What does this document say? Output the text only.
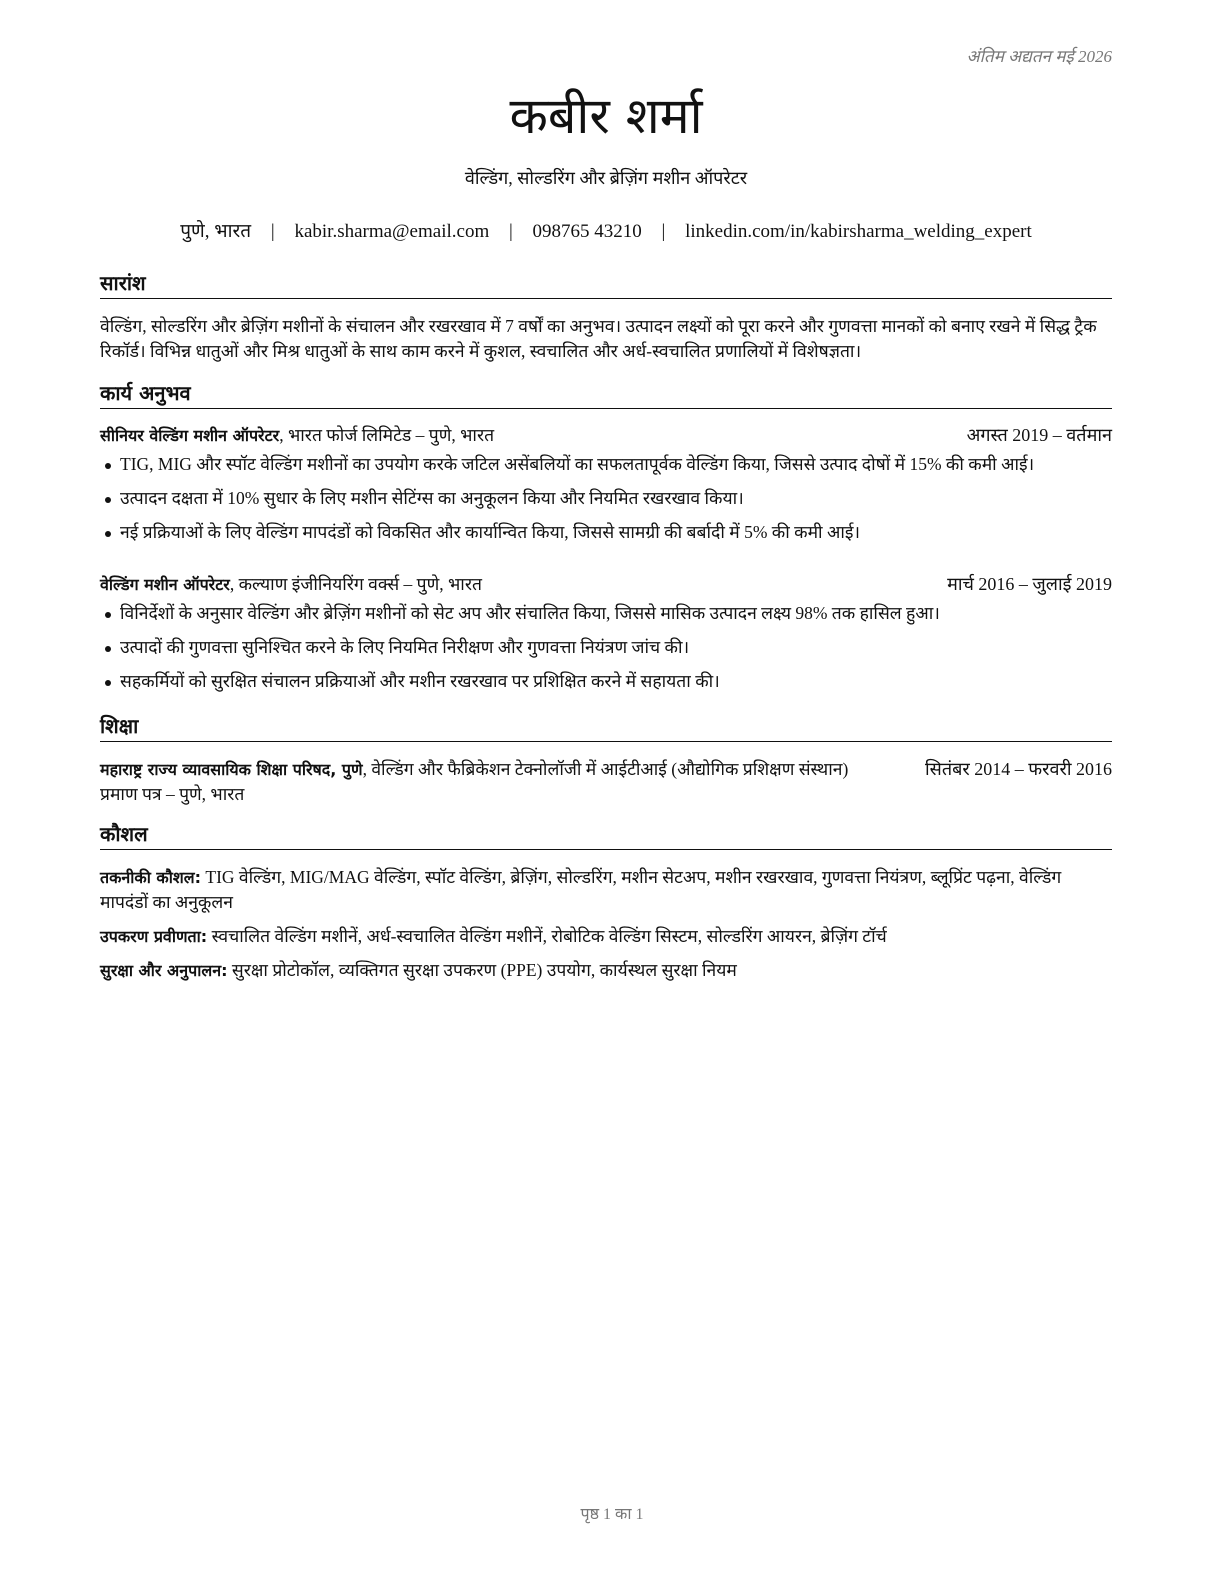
अंतिम अद्यतन मई 2026
कबीर शर्मा
वेल्डिंग, सोल्डरिंग और ब्रेज़िंग मशीन ऑपरेटर
पुणे, भारत | kabir.sharma@email.com | 098765 43210 | linkedin.com/in/kabirsharma_welding_expert
सारांश
वेल्डिंग, सोल्डरिंग और ब्रेज़िंग मशीनों के संचालन और रखरखाव में 7 वर्षों का अनुभव। उत्पादन लक्ष्यों को पूरा करने और गुणवत्ता मानकों को बनाए रखने में सिद्ध ट्रैक रिकॉर्ड। विभिन्न धातुओं और मिश्र धातुओं के साथ काम करने में कुशल, स्वचालित और अर्ध-स्वचालित प्रणालियों में विशेषज्ञता।
कार्य अनुभव
सीनियर वेल्डिंग मशीन ऑपरेटर, भारत फोर्ज लिमिटेड – पुणे, भारत	अगस्त 2019 – वर्तमान
TIG, MIG और स्पॉट वेल्डिंग मशीनों का उपयोग करके जटिल असेंबलियों का सफलतापूर्वक वेल्डिंग किया, जिससे उत्पाद दोषों में 15% की कमी आई।
उत्पादन दक्षता में 10% सुधार के लिए मशीन सेटिंग्स का अनुकूलन किया और नियमित रखरखाव किया।
नई प्रक्रियाओं के लिए वेल्डिंग मापदंडों को विकसित और कार्यान्वित किया, जिससे सामग्री की बर्बादी में 5% की कमी आई।
वेल्डिंग मशीन ऑपरेटर, कल्याण इंजीनियरिंग वर्क्स – पुणे, भारत	मार्च 2016 – जुलाई 2019
विनिर्देशों के अनुसार वेल्डिंग और ब्रेज़िंग मशीनों को सेट अप और संचालित किया, जिससे मासिक उत्पादन लक्ष्य 98% तक हासिल हुआ।
उत्पादों की गुणवत्ता सुनिश्चित करने के लिए नियमित निरीक्षण और गुणवत्ता नियंत्रण जांच की।
सहकर्मियों को सुरक्षित संचालन प्रक्रियाओं और मशीन रखरखाव पर प्रशिक्षित करने में सहायता की।
शिक्षा
महाराष्ट्र राज्य व्यावसायिक शिक्षा परिषद, पुणे, वेल्डिंग और फैब्रिकेशन टेक्नोलॉजी में आईटीआई (औद्योगिक प्रशिक्षण संस्थान) प्रमाण पत्र – पुणे, भारत
सितंबर 2014 – फरवरी 2016
कौशल
तकनीकी कौशल: TIG वेल्डिंग, MIG/MAG वेल्डिंग, स्पॉट वेल्डिंग, ब्रेज़िंग, सोल्डरिंग, मशीन सेटअप, मशीन रखरखाव, गुणवत्ता नियंत्रण, ब्लूप्रिंट पढ़ना, वेल्डिंग मापदंडों का अनुकूलन
उपकरण प्रवीणता: स्वचालित वेल्डिंग मशीनें, अर्ध-स्वचालित वेल्डिंग मशीनें, रोबोटिक वेल्डिंग सिस्टम, सोल्डरिंग आयरन, ब्रेज़िंग टॉर्च
सुरक्षा और अनुपालन: सुरक्षा प्रोटोकॉल, व्यक्तिगत सुरक्षा उपकरण (PPE) उपयोग, कार्यस्थल सुरक्षा नियम
पृष्ठ 1 का 1
